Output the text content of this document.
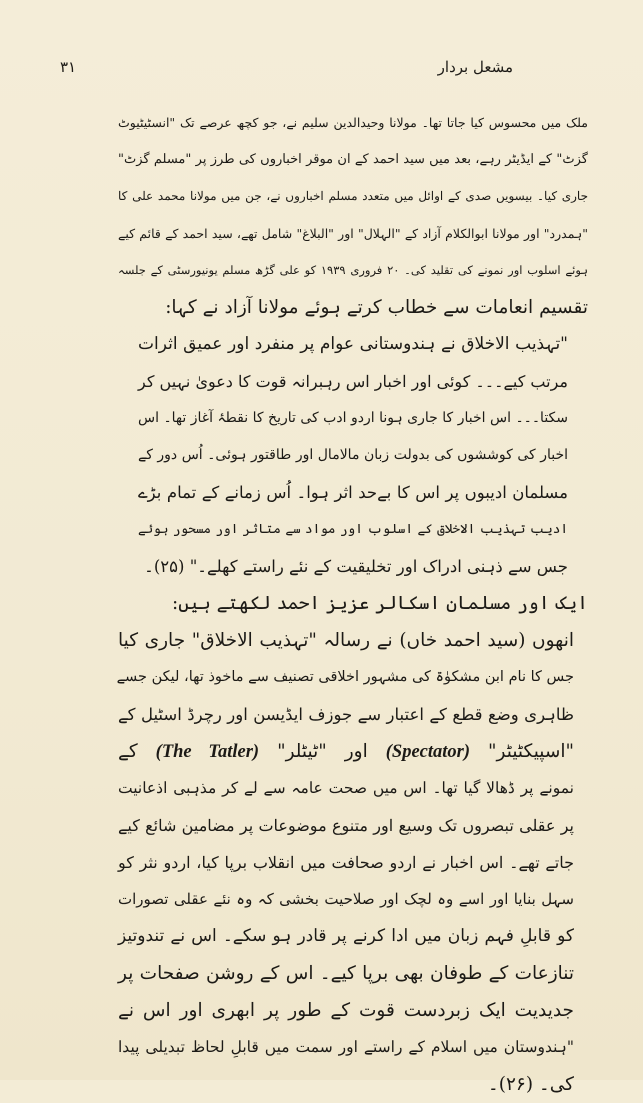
۳۱	مشعل بردار
ملک میں محسوس کیا جاتا تھا۔ مولانا وحیدالدین سلیم نے، جو کچھ عرصے تک "انسٹیٹیوٹ
گزٹ" کے ایڈیٹر رہے، بعد میں سید احمد کے ان موقر اخباروں کی طرز پر "مسلم گزٹ"
جاری کیا۔ بیسویں صدی کے اوائل میں متعدد مسلم اخباروں نے، جن میں مولانا محمد علی کا
"ہمدرد" اور مولانا ابوالکلام آزاد کے "الہلال" اور "البلاغ" شامل تھے، سید احمد کے قائم کیے
ہوئے اسلوب اور نمونے کی تقلید کی۔ ۲۰ فروری ۱۹۳۹ کو علی گڑھ مسلم یونیورسٹی کے جلسہ
تقسیم انعامات سے خطاب کرتے ہوئے مولانا آزاد نے کہا:
"تہذیب الاخلاق نے ہندوستانی عوام پر منفرد اور عمیق اثرات
مرتب کیے۔۔۔ کوئی اور اخبار اس رہبرانہ قوت کا دعویٰ نہیں کر
سکتا۔۔۔ اس اخبار کا جاری ہونا اردو ادب کی تاریخ کا نقطۂ آغاز تھا۔ اس
اخبار کی کوششوں کی بدولت زبان مالامال اور طاقتور ہوئی۔ اُس دور کے
مسلمان ادیبوں پر اس کا بےحد اثر ہوا۔ اُس زمانے کے تمام بڑے
ادیب تہذیب الاخلاق کے اسلوب اور مواد سے متاثر اور مسحور ہوئے
جس سے ذہنی ادراک اور تخلیقیت کے نئے راستے کھلے۔" (۲۵)۔
ایک اور مسلمان اسکالر عزیز احمد لکھتے ہیں:
انھوں (سید احمد خاں) نے رسالہ "تہذیب الاخلاق" جاری کیا
جس کا نام ابن مشکوٰۃ کی مشہور اخلاقی تصنیف سے ماخوذ تھا، لیکن جسے
ظاہری وضع قطع کے اعتبار سے جوزف ایڈیسن اور رچرڈ اسٹیل کے
"اسپیکٹیٹر" (Spectator) اور "ٹیٹلر" (The Tatler) کے
نمونے پر ڈھالا گیا تھا۔ اس میں صحت عامہ سے لے کر مذہبی اذعانیت
پر عقلی تبصروں تک وسیع اور متنوع موضوعات پر مضامین شائع کیے
جاتے تھے۔ اس اخبار نے اردو صحافت میں انقلاب برپا کیا، اردو نثر کو
سہل بنایا اور اسے وہ لچک اور صلاحیت بخشی کہ وہ نئے عقلی تصورات
کو قابلِ فہم زبان میں ادا کرنے پر قادر ہو سکے۔ اس نے تندوتیز
تنازعات کے طوفان بھی برپا کیے۔ اس کے روشن صفحات پر
جدیدیت ایک زبردست قوت کے طور پر ابھری اور اس نے
"ہندوستان میں اسلام کے راستے اور سمت میں قابلِ لحاظ تبدیلی پیدا
کی۔ (۲۶)۔
